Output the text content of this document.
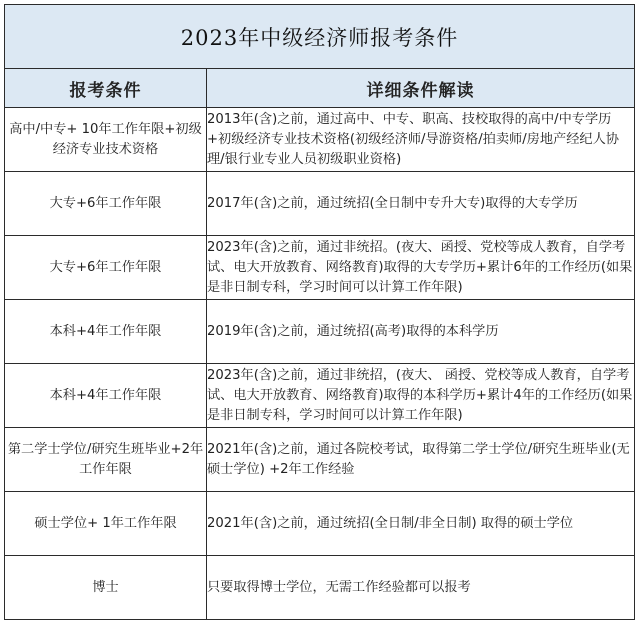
2023年中级经济师报考条件	
报考条件	详细条件解读
高中/中专+ 10年工作年限+初级经济专业技术资格	2013年(含)之前，通过高中、中专、职高、技校取得的高中/中专学历+初级经济专业技术资格(初级经济师/导游资格/拍卖师/房地产经纪人协理/银行业专业人员初级职业资格)
大专+6年工作年限	2017年(含)之前，通过统招(全日制中专升大专)取得的大专学历
大专+6年工作年限	2023年(含)之前，通过非统招。(夜大、函授、党校等成人教育，自学考试、电大开放教育、网络教育)取得的大专学历+累计6年的工作经历(如果是非日制专科，学习时间可以计算工作年限)
本科+4年工作年限	2019年(含)之前，通过统招(高考)取得的本科学历
本科+4年工作年限	2023年(含)之前，通过非统招，(夜大、 函授、党校等成人教育，自学考试、电大开放教育、网络教育)取得的本科学历+累计4年的工作经历(如果是非日制专科，学习时间可以计算工作年限)
第二学士学位/研究生班毕业+2年工作年限	2021年(含)之前，通过各院校考试，取得第二学士学位/研究生班毕业(无硕士学位) +2年工作经验
硕士学位+ 1年工作年限	2021年(含)之前，通过统招(全日制/非全日制) 取得的硕士学位
博士	只要取得博士学位，无需工作经验都可以报考
